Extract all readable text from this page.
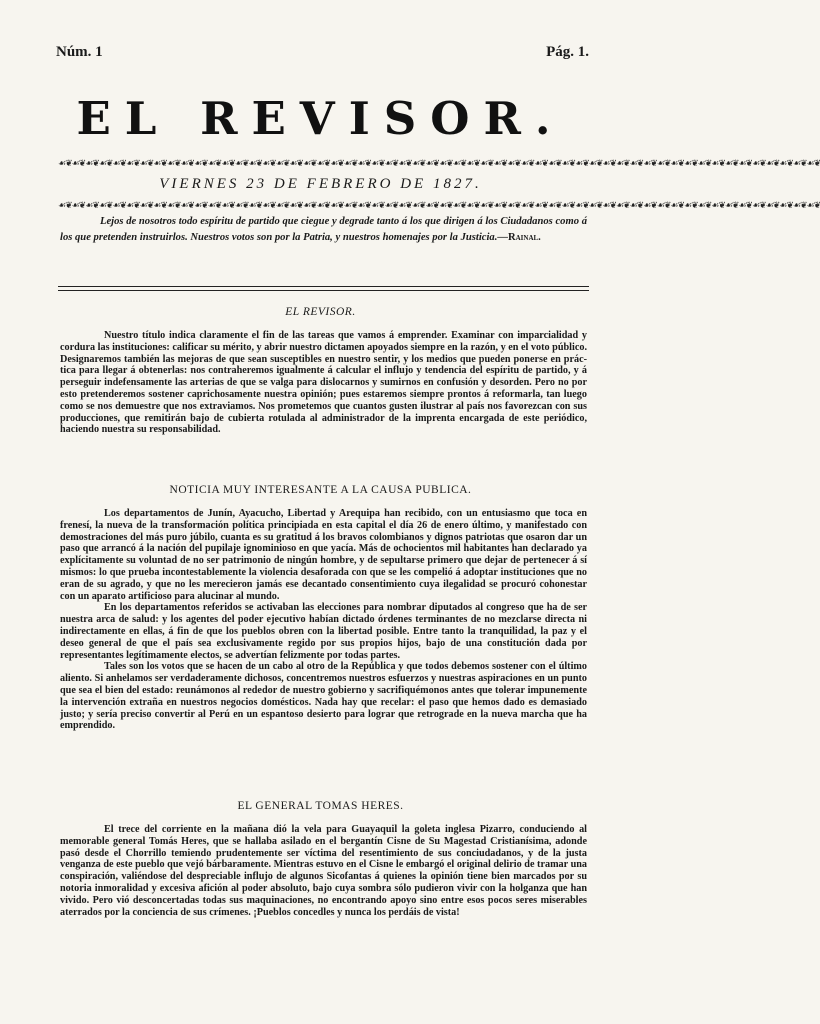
Núm. 1	Pág. 1.
EL REVISOR.
☙❦☙❦☙❦☙❦☙❦☙❦☙❦☙❦☙❦☙❦☙❦☙❦☙❦☙❦☙❦☙❦☙❦☙❦☙❦☙❦☙❦☙❦☙❦☙❦☙❦☙❦☙❦☙❦☙❦☙❦☙❦☙❦☙❦☙❦☙❦☙❦☙❦☙❦☙❦☙❦☙❦☙❦☙❦☙❦☙❦☙❦☙❦☙❦☙❦☙❦☙❦☙❦☙❦☙❦☙❦☙❦
VIERNES 23 DE FEBRERO DE 1827.
☙❦☙❦☙❦☙❦☙❦☙❦☙❦☙❦☙❦☙❦☙❦☙❦☙❦☙❦☙❦☙❦☙❦☙❦☙❦☙❦☙❦☙❦☙❦☙❦☙❦☙❦☙❦☙❦☙❦☙❦☙❦☙❦☙❦☙❦☙❦☙❦☙❦☙❦☙❦☙❦☙❦☙❦☙❦☙❦☙❦☙❦☙❦☙❦☙❦☙❦☙❦☙❦☙❦☙❦☙❦☙❦
Lejos de nosotros todo espíritu de partido que ciegue y degrade tanto á los que dirigen á los Ciudadanos como á los que pretenden instruirlos. Nuestros votos son por la Patria, y nuestros homenajes por la Justicia.—Rainal.
EL REVISOR.

Nuestro título indica claramente el fin de las tareas que vamos á emprender. Examinar con imparcialidad y cordura las instituciones: calificar su mérito, y abrir nuestro dictamen apoyados siempre en la razón, y en el voto público. Designaremos también las mejoras de que sean susceptibles en nuestro sentir, y los medios que pueden ponerse en práctica para llegar á obtenerlas: nos contraheremos igualmente á calcular el influjo y tendencia del espíritu de partido, y á perseguir indefensamente las arterias de que se valga para dislocarnos y sumirnos en confusión y desorden. Pero no por esto pretenderemos sostener caprichosamente nuestra opinión; pues estaremos siempre prontos á reformarla, tan luego como se nos demuestre que nos extraviamos. Nos prometemos que cuantos gusten ilustrar al país nos favorezcan con sus producciones, que remitirán bajo de cubierta rotulada al administrador de la imprenta encargada de este periódico, haciendo nuestra su responsabilidad.

NOTICIA MUY INTERESANTE A LA CAUSA PUBLICA.

Los departamentos de Junín, Ayacucho, Libertad y Arequipa han recibido, con un entusiasmo que toca en frenesí, la nueva de la transformación política principiada en esta capital el día 26 de enero último, y manifestado con demostraciones del más puro júbilo, cuanta es su gratitud á los bravos colombianos y dignos patriotas que osaron dar un paso que arrancó á la nación del pupilaje ignominioso en que yacía. Más de ochocientos mil habitantes han declarado ya explícitamente su voluntad de no ser patrimonio de ningún hombre, y de sepultarse primero que dejar de pertenecer á sí mismos: lo que prueba incontestablemente la violencia desaforada con que se les compelió á adoptar instituciones que no eran de su agrado, y que no les merecieron jamás ese decantado consentimiento cuya ilegalidad se procuró cohonestar con un aparato artificioso para alucinar al mundo.

En los departamentos referidos se activaban las elecciones para nombrar diputados al congreso que ha de ser nuestra arca de salud: y los agentes del poder ejecutivo habían dictado órdenes terminantes de no mezclarse directa ni indirectamente en ellas, á fin de que los pueblos obren con la libertad posible. Entre tanto la tranquilidad, la paz y el deseo general de que el país sea exclusivamente regido por sus propios hijos, bajo de una constitución dada por representantes legítimamente electos, se advertían felizmente por todas partes.

Tales son los votos que se hacen de un cabo al otro de la República y que todos debemos sostener con el último aliento. Si anhelamos ser verdaderamente dichosos, concentremos nuestros esfuerzos y nuestras aspiraciones en un punto que sea el bien del estado: reunámonos al rededor de nuestro gobierno y sacrifiquémonos antes que tolerar impunemente la intervención extraña en nuestros negocios domésticos. Nada hay que recelar: el paso que hemos dado es demasiado justo; y sería preciso convertir al Perú en un espantoso desierto para lograr que retrograde en la nueva marcha que ha emprendido.

EL GENERAL TOMAS HERES.

El trece del corriente en la mañana dió la vela para Guayaquil la goleta inglesa Pizarro, conduciendo al memorable general Tomás Heres, que se hallaba asilado en el bergantín Cisne de Su Magestad Cristianísima, adonde pasó desde el Chorrillo temiendo prudentemente ser víctima del resentimiento de sus conciudadanos, y de la justa venganza de este pueblo que vejó bárbaramente. Mientras estuvo en el Cisne le embargó el original delirio de tramar una conspiración, valiéndose del despreciable influjo de algunos Sicofantas á quienes la opinión tiene bien marcados por su notoria inmoralidad y excesiva afición al poder absoluto, bajo cuya sombra sólo pudieron vivir con la holganza que han vivido. Pero vió desconcertadas todas sus maquinaciones, no encontrando apoyo sino entre esos pocos seres miserables aterrados por la conciencia de sus crímenes. ¡Pueblos concedles y nunca los perdáis de vista!
